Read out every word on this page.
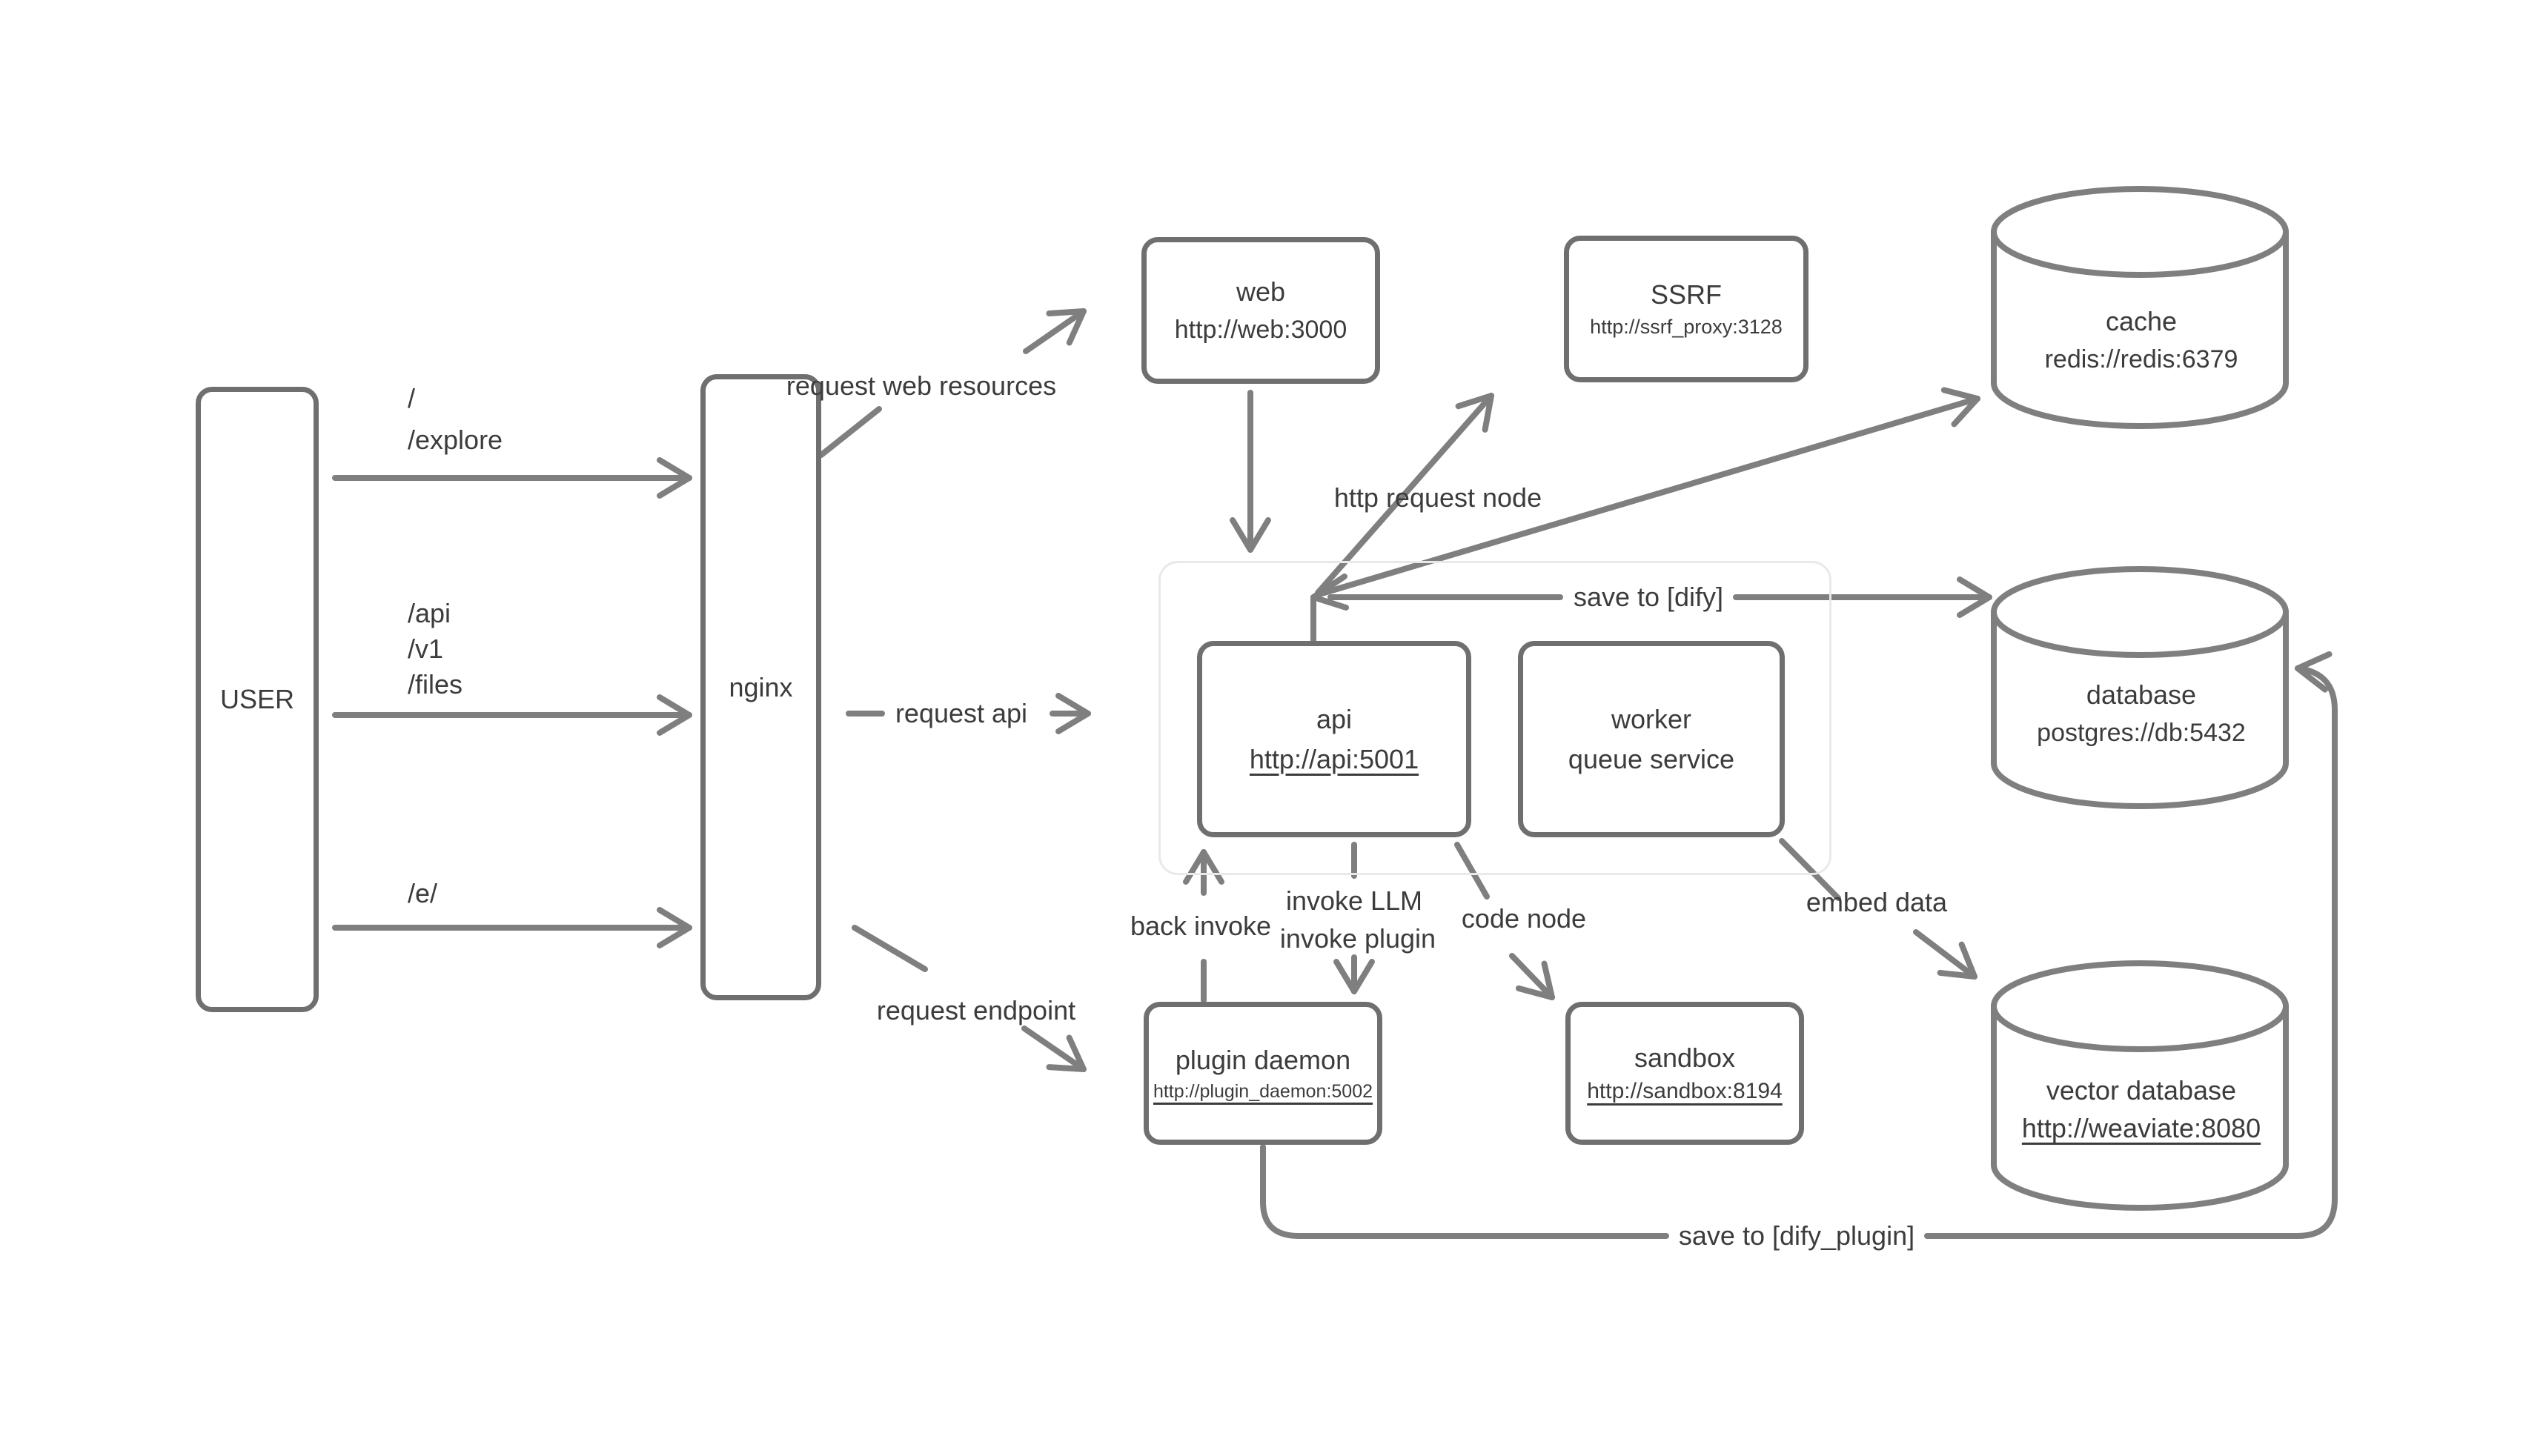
USER	nginx
web
http://web:3000
SSRF
http://ssrf_proxy:3128
api
http://api:5001
worker
queue service
plugin daemon
http://plugin_daemon:5002
sandbox
http://sandbox:8194
cache
redis://redis:6379
database
postgres://db:5432
vector database
http://weaviate:8080
/
/explore
/api
/v1
/files
/e/
request web resources
request api
request endpoint
http request node
save to [dify]
back invoke
invoke LLM
invoke plugin
code node
embed data
save to [dify_plugin]
